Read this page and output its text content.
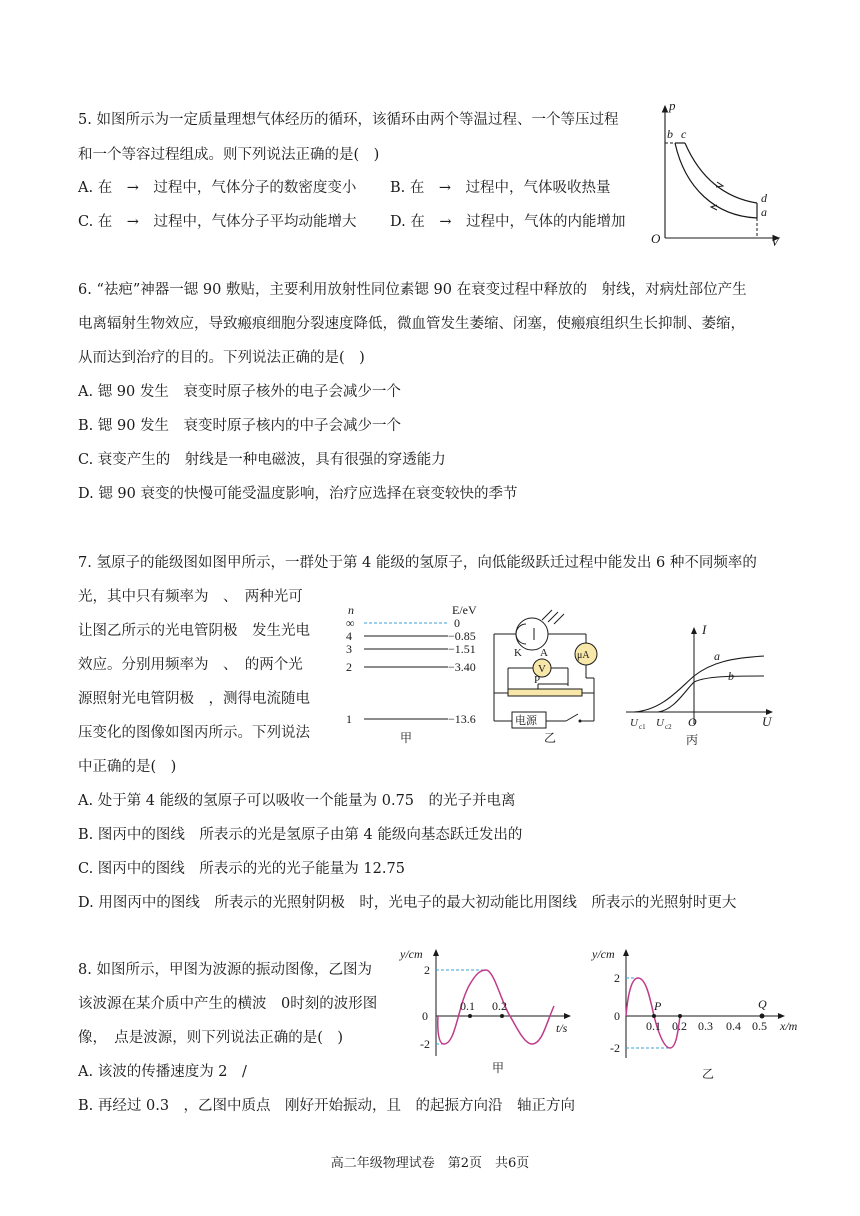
5. 如图所示为一定质量理想气体经历的循环，该循环由两个等温过程、一个等压过程
和一个等容过程组成。则下列说法正确的是(　)
A. 在　→　过程中，气体分子的数密度变小 B. 在　→　过程中，气体吸收热量
C. 在　→　过程中，气体分子平均动能增大 D. 在　→　过程中，气体的内能增加
p
V
O
b c
d
a
6. “祛疤”神器一锶 90 敷贴，主要利用放射性同位素锶 90 在衰变过程中释放的　射线，对病灶部位产生
电离辐射生物效应，导致瘢痕细胞分裂速度降低，微血管发生萎缩、闭塞，使瘢痕组织生长抑制、萎缩，
从而达到治疗的目的。下列说法正确的是(　)
A. 锶 90 发生　衰变时原子核外的电子会减少一个
B. 锶 90 发生　衰变时原子核内的中子会减少一个
C. 衰变产生的　射线是一种电磁波，具有很强的穿透能力
D. 锶 90 衰变的快慢可能受温度影响，治疗应选择在衰变较快的季节
7. 氢原子的能级图如图甲所示，一群处于第 4 能级的氢原子，向低能级跃迁过程中能发出 6 种不同频率的
光，其中只有频率为　、　两种光可
让图乙所示的光电管阴极　发生光电
效应。分别用频率为　、　的两个光
源照射光电管阴极　，测得电流随电
压变化的图像如图丙所示。下列说法
中正确的是(　)
A. 处于第 4 能级的氢原子可以吸收一个能量为 0.75　的光子并电离
B. 图丙中的图线　所表示的光是氢原子由第 4 能级向基态跃迁发出的
C. 图丙中的图线　所表示的光的光子能量为 12.75
D. 用图丙中的图线　所表示的光照射阴极　时，光电子的最大初动能比用图线　所表示的光照射时更大
n	E/eV
∞	0
4	−0.85
3	−1.51
2	−3.40
1	−13.6
甲
μA
K A
V
P
电源
乙
I
U
O
a
b
U c1 U c2
丙
8. 如图所示，甲图为波源的振动图像，乙图为
该波源在某介质中产生的横波　0时刻的波形图
像，　点是波源，则下列说法正确的是(　)
A. 该波的传播速度为 2　/
B. 再经过 0.3　，乙图中质点　刚好开始振动，且　的起振方向沿　轴正方向
y/cm
2
0
-2
0.1 0.2
t/s
甲
y/cm
2
0
-2
P	Q
0.1 0.2 0.3 0.4 0.5 x/m
乙
高二年级物理试卷　第2页　共6页
